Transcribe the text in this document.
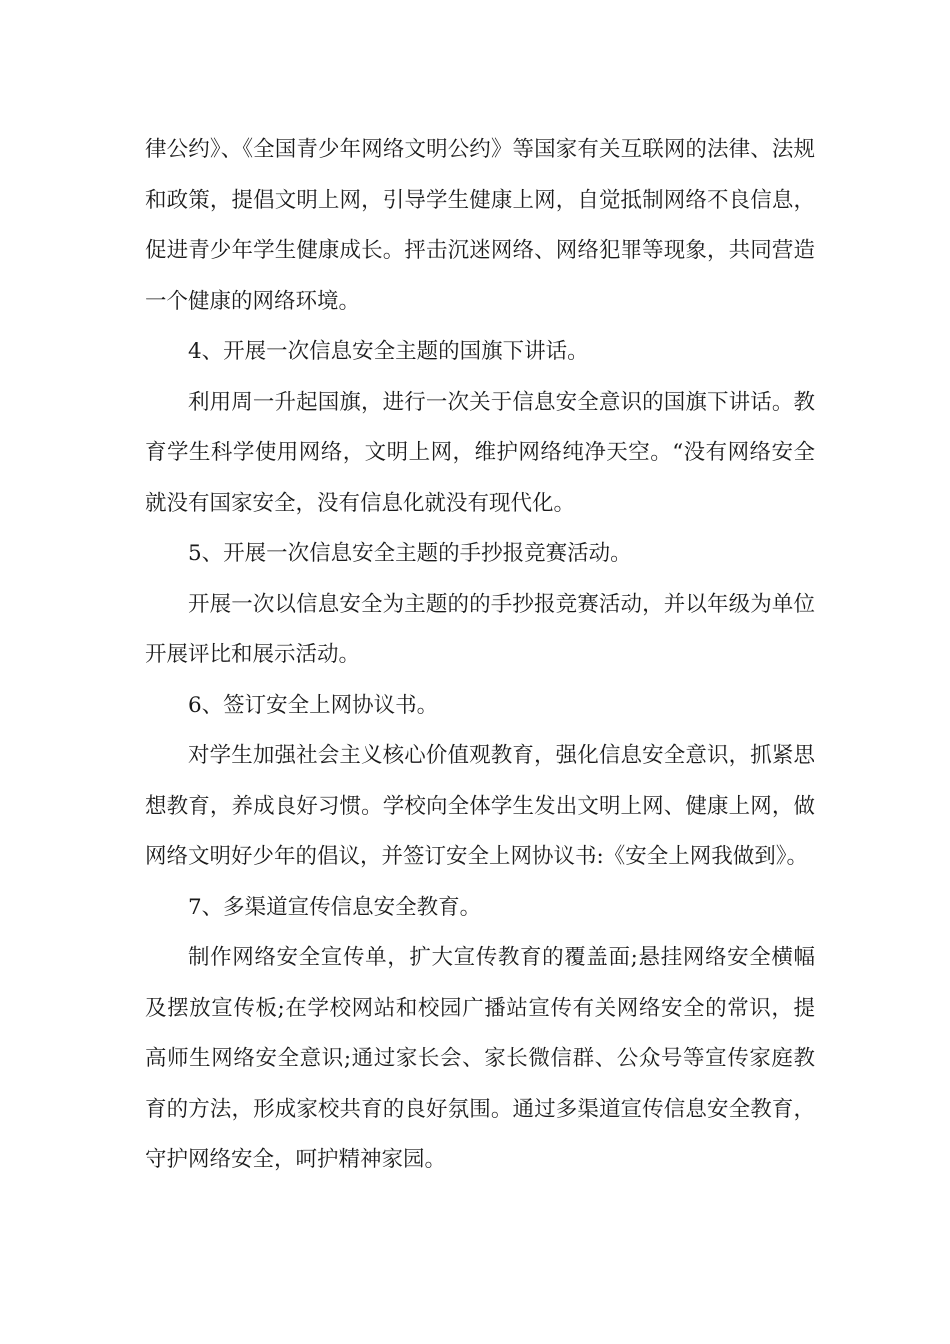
律公约》、《全国青少年网络文明公约》等国家有关互联网的法律、法规和政策，提倡文明上网，引导学生健康上网，自觉抵制网络不良信息，促进青少年学生健康成长。抨击沉迷网络、网络犯罪等现象，共同营造一个健康的网络环境。

4、开展一次信息安全主题的国旗下讲话。

利用周一升起国旗，进行一次关于信息安全意识的国旗下讲话。教育学生科学使用网络，文明上网，维护网络纯净天空。“没有网络安全就没有国家安全，没有信息化就没有现代化。

5、开展一次信息安全主题的手抄报竞赛活动。

开展一次以信息安全为主题的的手抄报竞赛活动，并以年级为单位开展评比和展示活动。

6、签订安全上网协议书。

对学生加强社会主义核心价值观教育，强化信息安全意识，抓紧思想教育，养成良好习惯。学校向全体学生发出文明上网、健康上网，做网络文明好少年的倡议，并签订安全上网协议书:《安全上网我做到》。

7、多渠道宣传信息安全教育。

制作网络安全宣传单，扩大宣传教育的覆盖面;悬挂网络安全横幅及摆放宣传板;在学校网站和校园广播站宣传有关网络安全的常识，提高师生网络安全意识;通过家长会、家长微信群、公众号等宣传家庭教育的方法，形成家校共育的良好氛围。通过多渠道宣传信息安全教育，守护网络安全，呵护精神家园。
